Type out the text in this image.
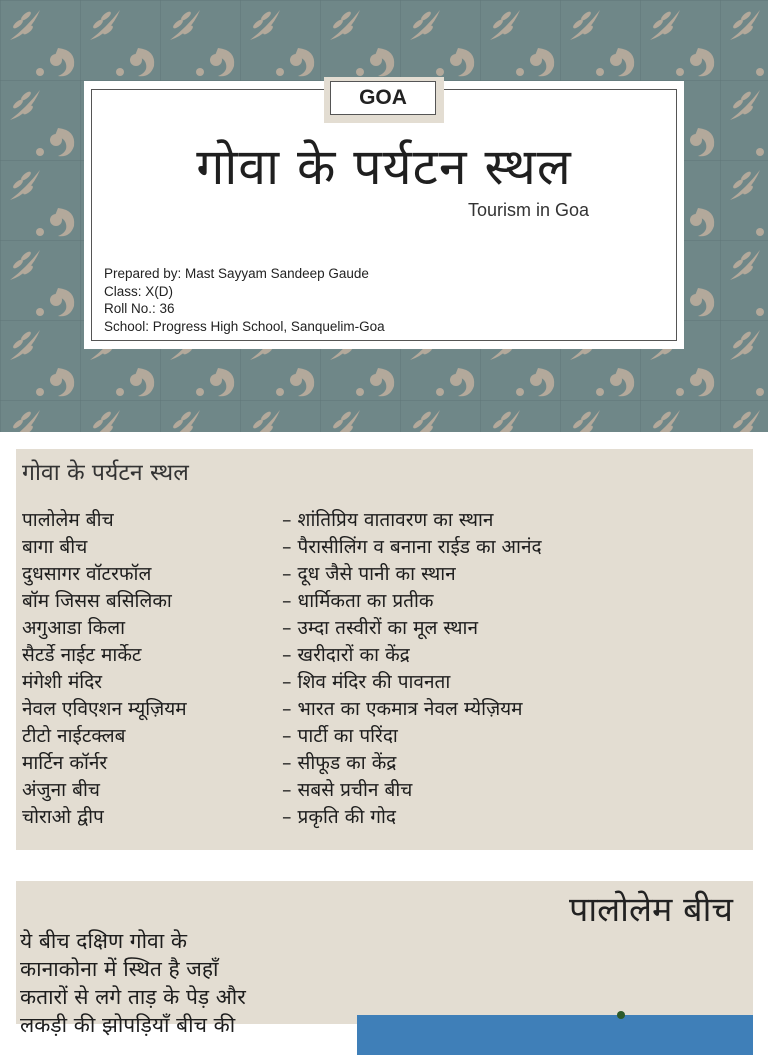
GOA
गोवा के पर्यटन स्थल
Tourism in Goa
Prepared by: Mast Sayyam Sandeep Gaude
Class: X(D)
Roll No.: 36
School: Progress High School, Sanquelim-Goa
गोवा के पर्यटन स्थल
पालोलेम बीच	– शांतिप्रिय वातावरण का स्थान
बागा बीच	– पैरासीलिंग व बनाना राईड का आनंद
दुधसागर वॉटरफॉल	– दूध जैसे पानी का स्थान
बॉम जिसस बसिलिका	– धार्मिकता का प्रतीक
अगुआडा किला	– उम्दा तस्वीरों का मूल स्थान
सैटर्डे नाईट मार्केट	– खरीदारों का केंद्र
मंगेशी मंदिर	– शिव मंदिर की पावनता
नेवल एविएशन म्यूज़ियम	– भारत का एकमात्र नेवल म्येज़ियम
टीटो नाईटक्लब	– पार्टी का परिंदा
मार्टिन कॉर्नर	– सीफूड का केंद्र
अंजुना बीच	– सबसे प्रचीन बीच
चोराओ द्वीप	– प्रकृति की गोद
पालोलेम बीच
ये बीच दक्षिण गोवा के
कानाकोना में स्थित है जहाँ
कतारों से लगे ताड़ के पेड़ और
लकड़ी की झोपड़ियाँ बीच की
